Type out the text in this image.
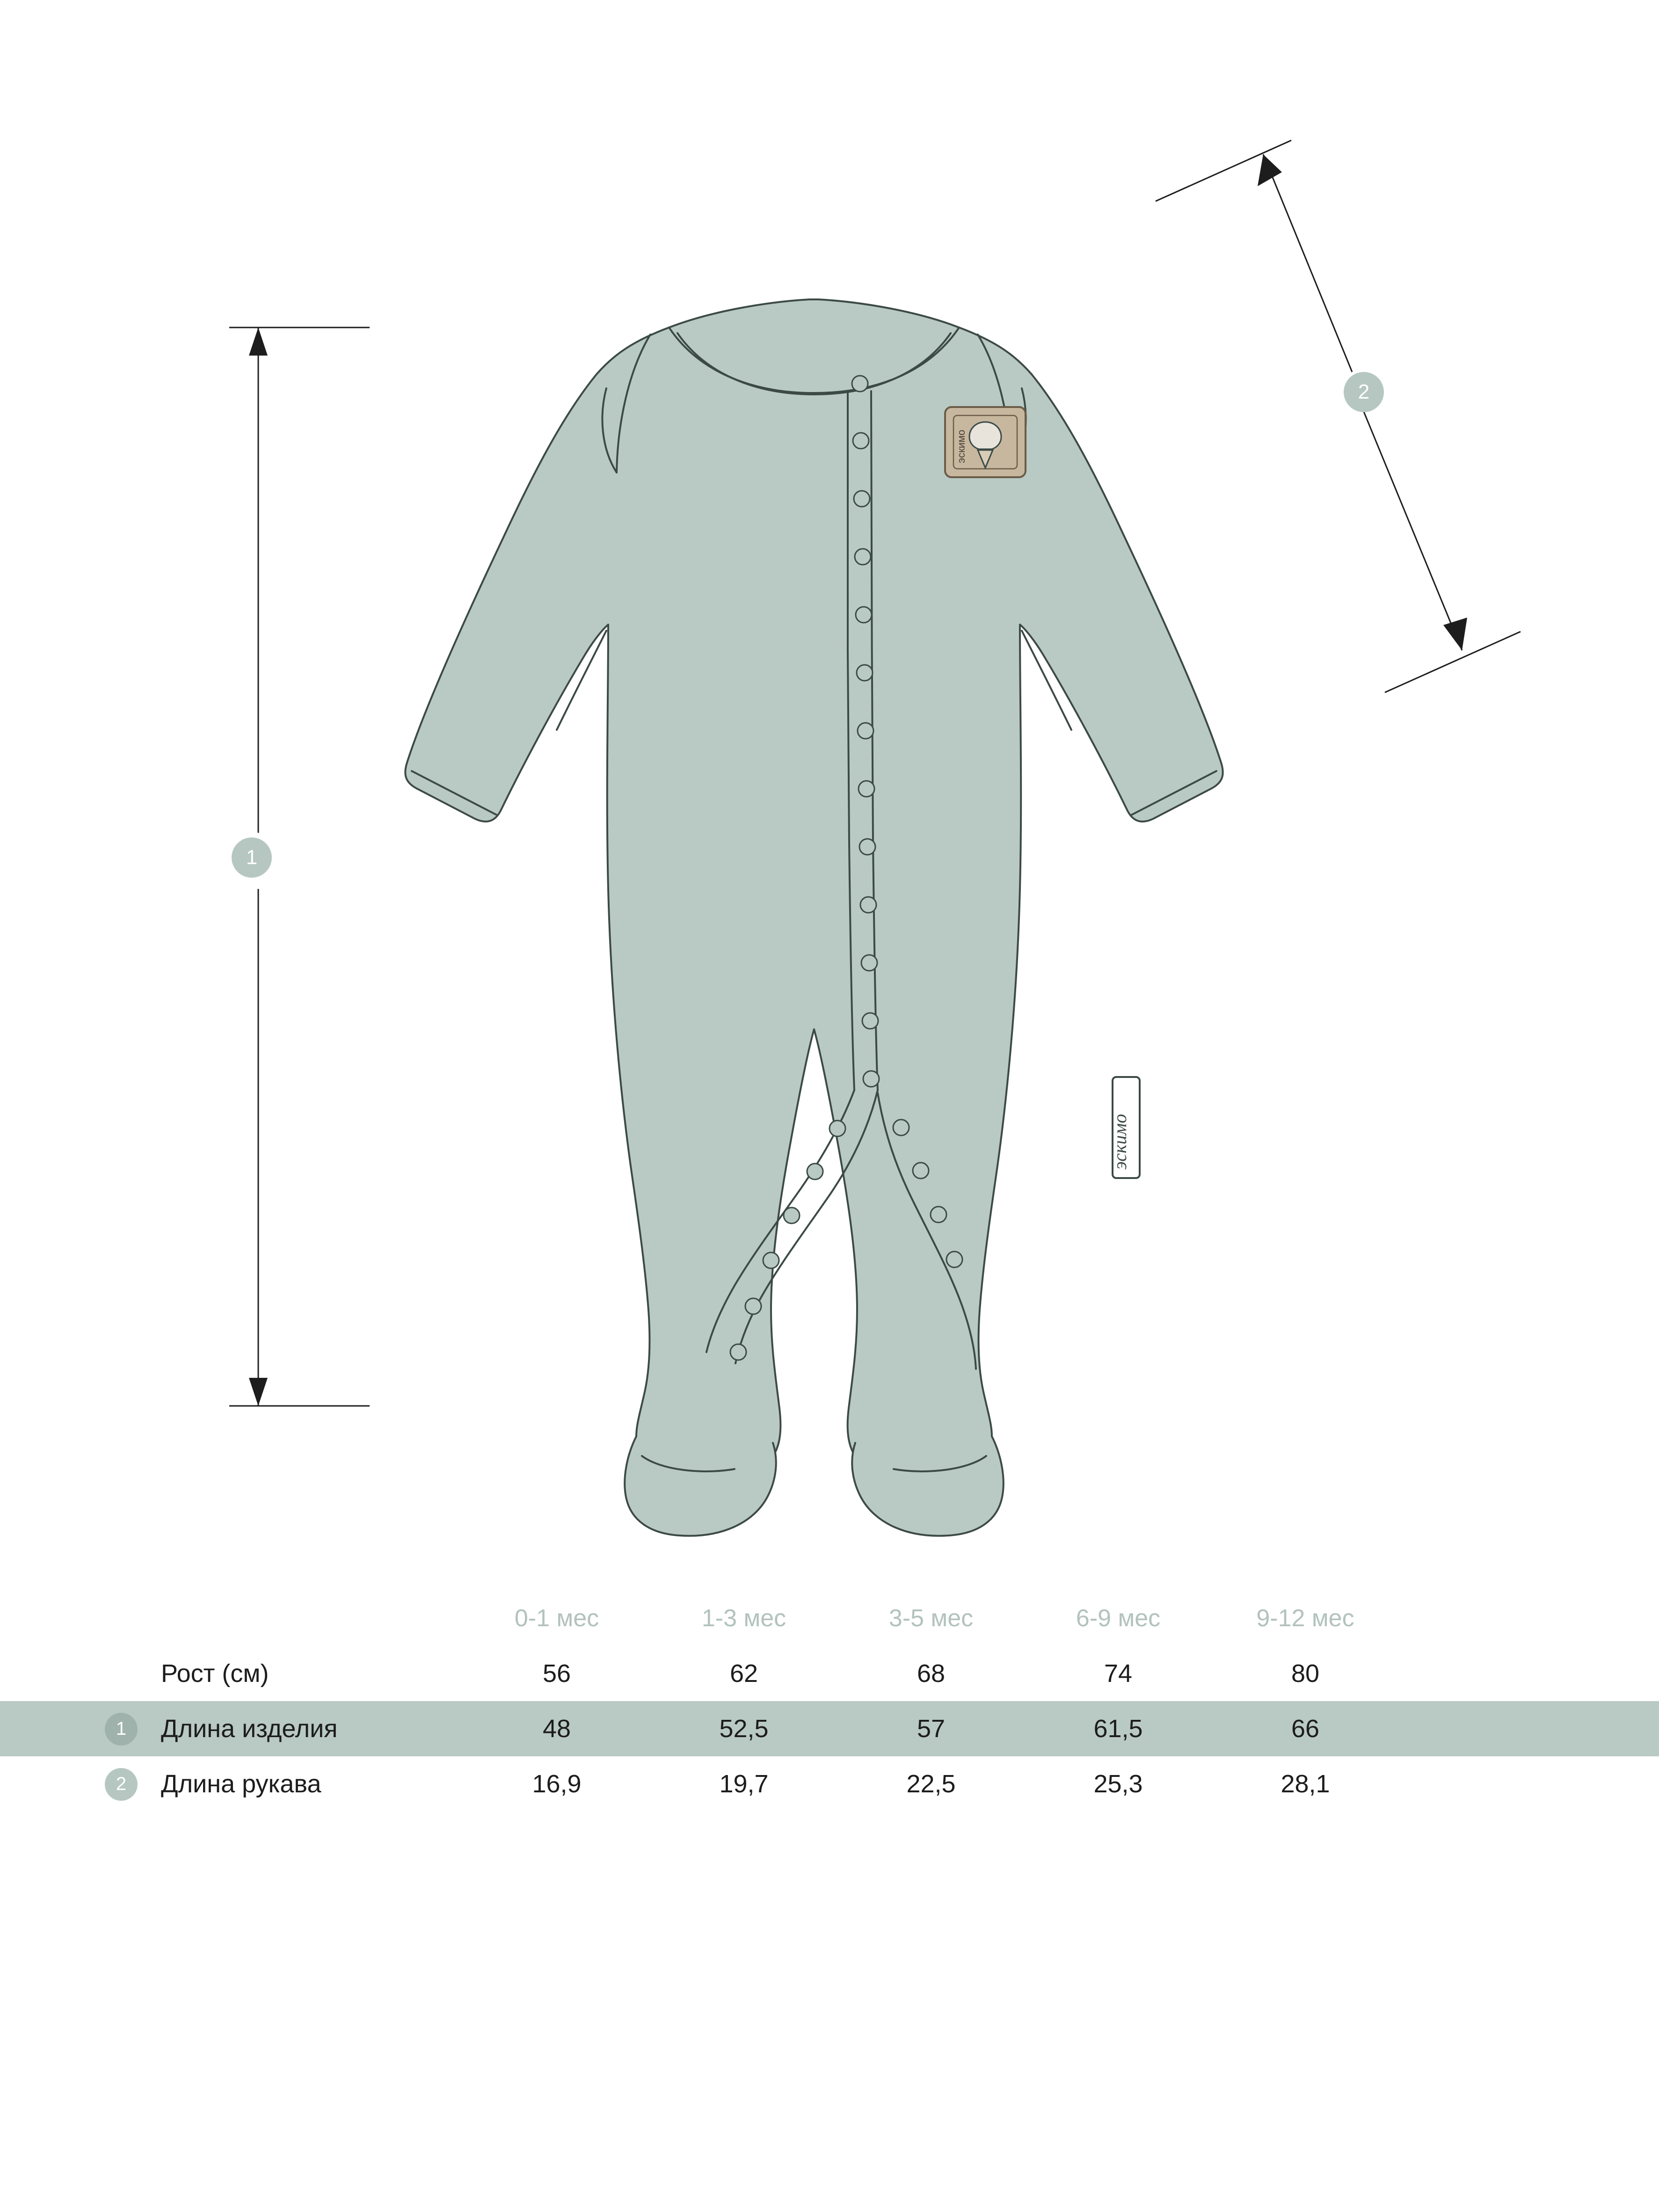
эскимо
эскимо
1
2
		0-1 мес	1-3 мес	3-5 мес	6-9 мес	9-12 мес	
	Рост (см)	56	62	68	74	80	
1	Длина изделия	48	52,5	57	61,5	66	
2	Длина рукава	16,9	19,7	22,5	25,3	28,1	
